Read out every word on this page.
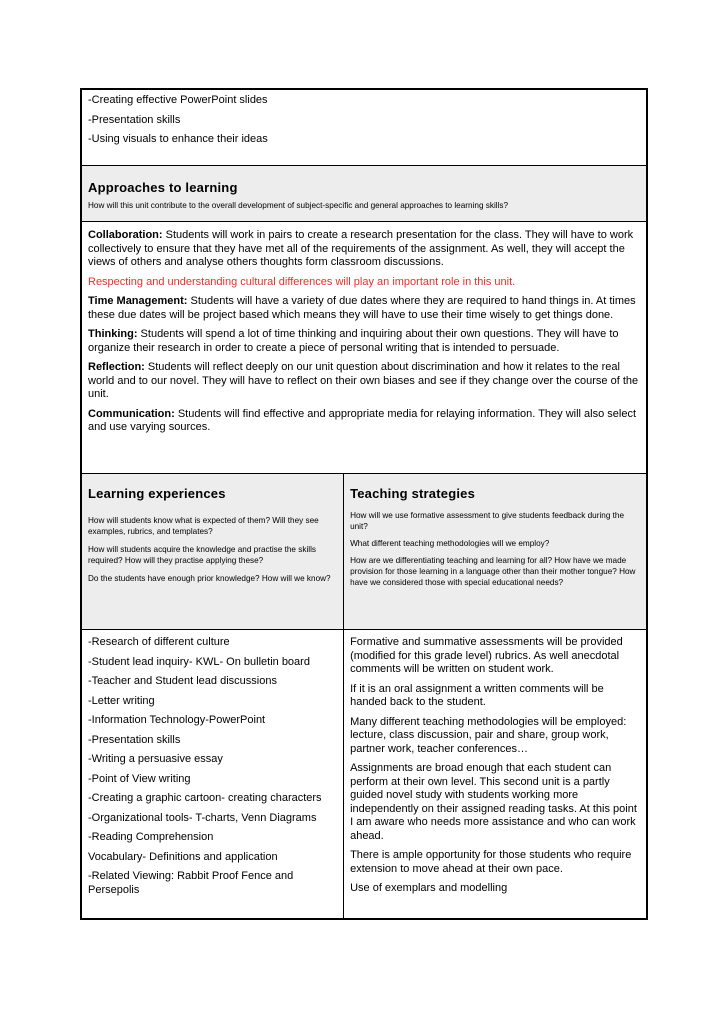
-Creating effective PowerPoint slides

-Presentation skills

-Using visuals to enhance their ideas

Approaches to learning

How will this unit contribute to the overall development of subject-specific and general approaches to learning skills?

Collaboration: Students will work in pairs to create a research presentation for the class. They will have to work collectively to ensure that they have met all of the requirements of the assignment. As well, they will accept the views of others and analyse others thoughts form classroom discussions.

Respecting and understanding cultural differences will play an important role in this unit.

Time Management: Students will have a variety of due dates where they are required to hand things in. At times these due dates will be project based which means they will have to use their time wisely to get things done.

Thinking: Students will spend a lot of time thinking and inquiring about their own questions. They will have to organize their research in order to create a piece of personal writing that is intended to persuade.

Reflection: Students will reflect deeply on our unit question about discrimination and how it relates to the real world and to our novel. They will have to reflect on their own biases and see if they change over the course of the unit.

Communication: Students will find effective and appropriate media for relaying information. They will also select and use varying sources.

Learning experiences

How will students know what is expected of them? Will they see examples, rubrics, and templates?

How will students acquire the knowledge and practise the skills required? How will they practise applying these?

Do the students have enough prior knowledge? How will we know?

Teaching strategies

How will we use formative assessment to give students feedback during the unit?

What different teaching methodologies will we employ?

How are we differentiating teaching and learning for all? How have we made provision for those learning in a language other than their mother tongue? How have we considered those with special educational needs?

-Research of different culture

-Student lead inquiry- KWL- On bulletin board

-Teacher and Student lead discussions

-Letter writing

-Information Technology-PowerPoint

-Presentation skills

-Writing a persuasive essay

-Point of View writing

-Creating a graphic cartoon- creating characters

-Organizational tools- T-charts, Venn Diagrams

-Reading Comprehension

Vocabulary- Definitions and application

-Related Viewing: Rabbit Proof Fence and Persepolis

Formative and summative assessments will be provided (modified for this grade level) rubrics. As well anecdotal comments will be written on student work.

If it is an oral assignment a written comments will be handed back to the student.

Many different teaching methodologies will be employed: lecture, class discussion, pair and share, group work, partner work, teacher conferences…

Assignments are broad enough that each student can perform at their own level. This second unit is a partly guided novel study with students working more independently on their assigned reading tasks. At this point I am aware who needs more assistance and who can work ahead.

There is ample opportunity for those students who require extension to move ahead at their own pace.

Use of exemplars and modelling
